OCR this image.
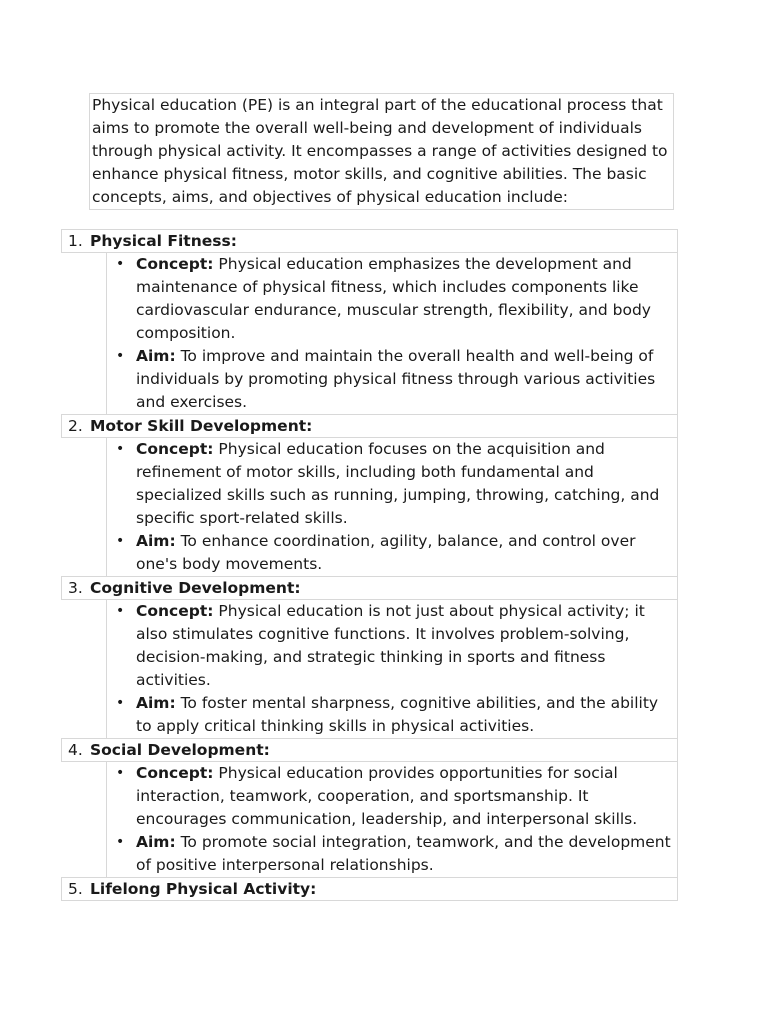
Physical education (PE) is an integral part of the educational process that aims to promote the overall well-being and development of individuals through physical activity. It encompasses a range of activities designed to enhance physical fitness, motor skills, and cognitive abilities. The basic concepts, aims, and objectives of physical education include:
1. Physical Fitness:
• Concept: Physical education emphasizes the development and maintenance of physical fitness, which includes components like cardiovascular endurance, muscular strength, flexibility, and body composition.
• Aim: To improve and maintain the overall health and well-being of individuals by promoting physical fitness through various activities and exercises.
2. Motor Skill Development:
• Concept: Physical education focuses on the acquisition and refinement of motor skills, including both fundamental and specialized skills such as running, jumping, throwing, catching, and specific sport-related skills.
• Aim: To enhance coordination, agility, balance, and control over one's body movements.
3. Cognitive Development:
• Concept: Physical education is not just about physical activity; it also stimulates cognitive functions. It involves problem-solving, decision-making, and strategic thinking in sports and fitness activities.
• Aim: To foster mental sharpness, cognitive abilities, and the ability to apply critical thinking skills in physical activities.
4. Social Development:
• Concept: Physical education provides opportunities for social interaction, teamwork, cooperation, and sportsmanship. It encourages communication, leadership, and interpersonal skills.
• Aim: To promote social integration, teamwork, and the development of positive interpersonal relationships.
5. Lifelong Physical Activity:
